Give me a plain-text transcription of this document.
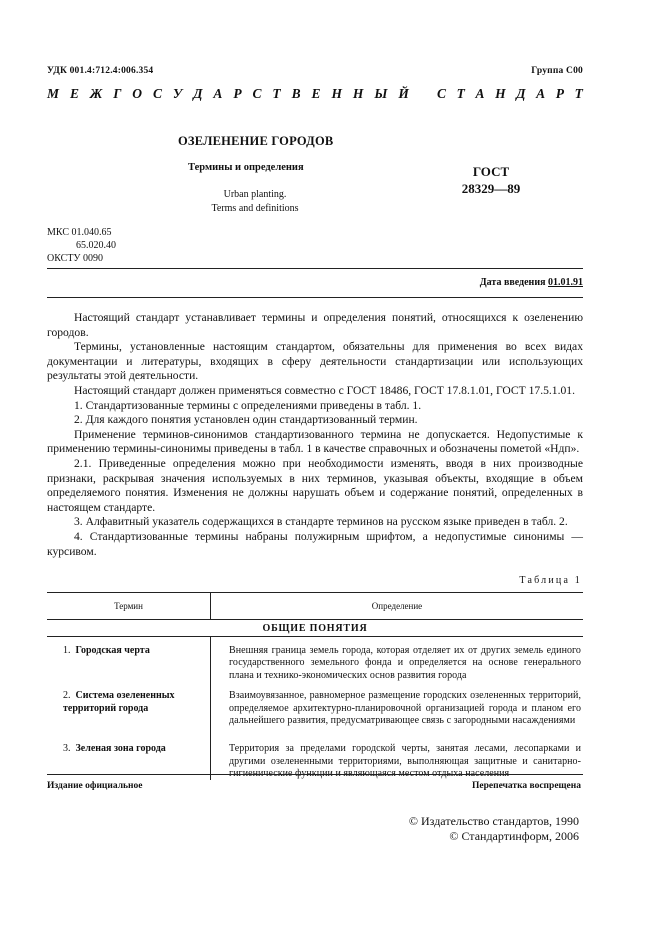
УДК 001.4:712.4:006.354	Группа С00
М Е Ж Г О С У Д А Р С Т В Е Н Н Ы Й С Т А Н Д А Р Т
ОЗЕЛЕНЕНИЕ ГОРОДОВ
Термины и определения
Urban planting.
Terms and definitions
ГОСТ
28329—89
МКС 01.040.65
65.020.40
ОКСТУ 0090
Дата введения 01.01.91

Настоящий стандарт устанавливает термины и определения понятий, относящихся к озеленению городов.

Термины, установленные настоящим стандартом, обязательны для применения во всех видах документации и литературы, входящих в сферу деятельности стандартизации или использующих результаты этой деятельности.

Настоящий стандарт должен применяться совместно с ГОСТ 18486, ГОСТ 17.8.1.01, ГОСТ 17.5.1.01.

1. Стандартизованные термины с определениями приведены в табл. 1.

2. Для каждого понятия установлен один стандартизованный термин.

Применение терминов-синонимов стандартизованного термина не допускается. Недопустимые к применению термины-синонимы приведены в табл. 1 в качестве справочных и обозначены пометой «Ндп».

2.1. Приведенные определения можно при необходимости изменять, вводя в них производные признаки, раскрывая значения используемых в них терминов, указывая объекты, входящие в объем определяемого понятия. Изменения не должны нарушать объем и содержание понятий, определенных в настоящем стандарте.

3. Алфавитный указатель содержащихся в стандарте терминов на русском языке приведен в табл. 2.

4. Стандартизованные термины набраны полужирным шрифтом, а недопустимые синонимы — курсивом.

Таблица 1
Термин	Определение
ОБЩИЕ ПОНЯТИЯ	
1. Городская черта	Внешняя граница земель города, которая отделяет их от других земель единого государственного земельного фонда и определяется на основе генерального плана и технико-экономических основ развития города
2. Система озелененных территорий города	Взаимоувязанное, равномерное размещение городских озелененных территорий, определяемое архитектурно-планировочной организацией города и планом его дальнейшего развития, предусматривающее связь с загородными насаждениями
3. Зеленая зона города	Территория за пределами городской черты, занятая лесами, лесопарками и другими озелененными территориями, выполняющая защитные и санитарно-гигиенические функции и являющаяся местом отдыха населения
Издание официальное	Перепечатка воспрещена
© Издательство стандартов, 1990
© Стандартинформ, 2006
